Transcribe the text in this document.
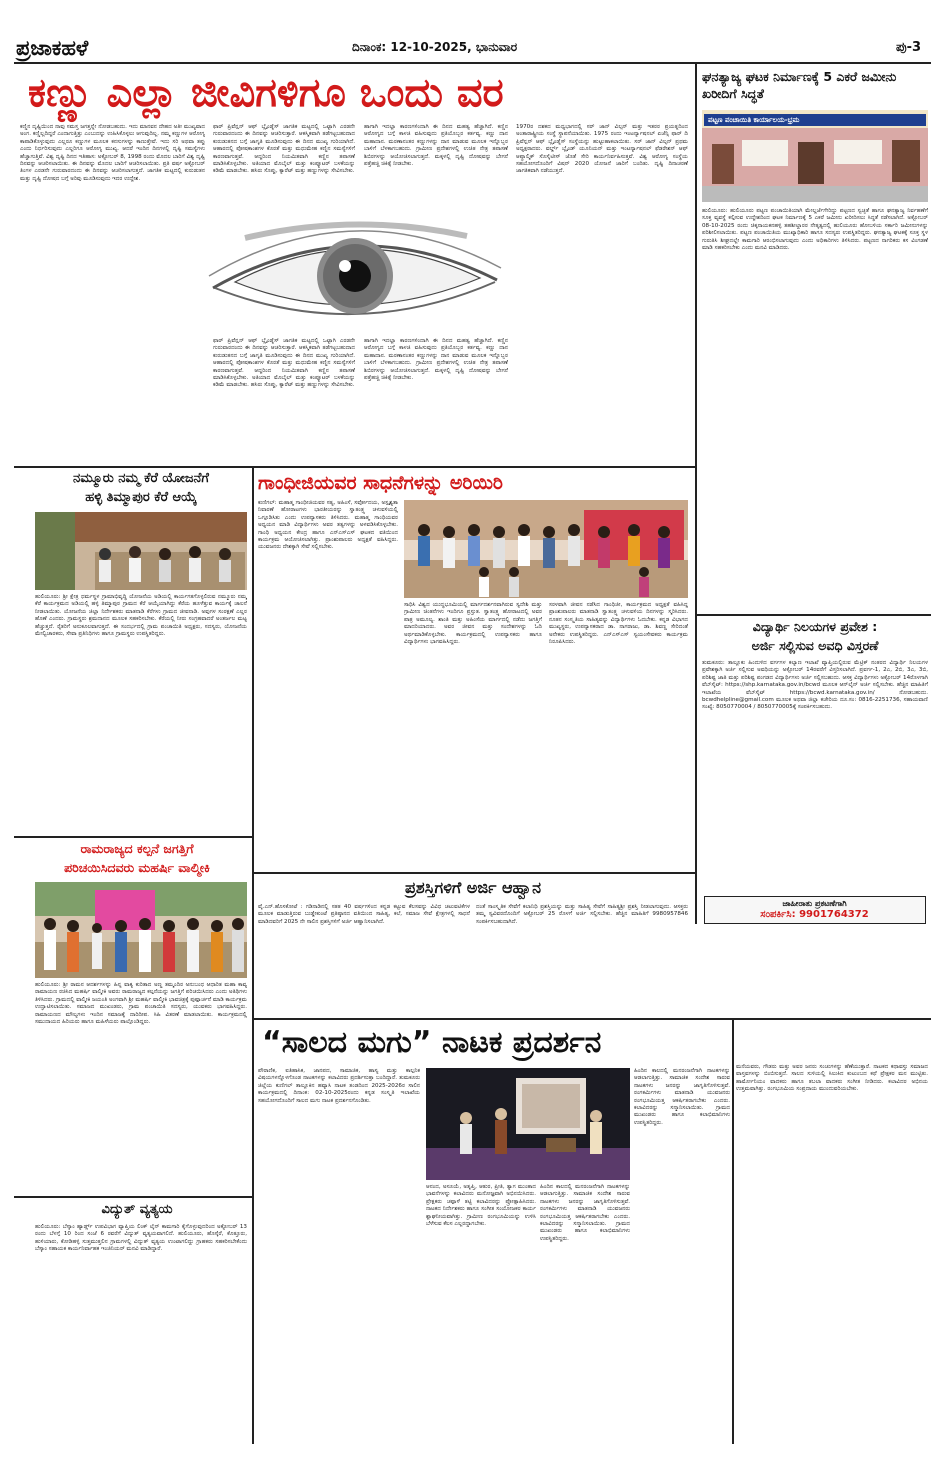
ಪ್ರಜಾಕಹಳೆ	ದಿನಾಂಕ: 12-10-2025, ಭಾನುವಾರ	ಪು-3
ಕಣ್ಣು ಎಲ್ಲಾ ಜೀವಿಗಳಿಗೂ ಒಂದು ವರ
ಕಣ್ಣಿನ ದೃಷ್ಟಿಯಿಂದ ನಾವು ಸಮಸ್ತ ಜಗತ್ತನ್ನೇ ನೋಡಬಹುದು. ಇದು ಮಾನವನ ದೇಹದ ಅತೀ ಮುಖ್ಯವಾದ ಅಂಗ. ಕಣ್ಣಿಲ್ಲದಿದ್ದರೆ ಎಂದಾಗುತ್ತಿತ್ತು ಎಂಬುದನ್ನು ಉಹಿಸಿಕೊಳ್ಳಲು ಆಗುವುದಿಲ್ಲ. ನಮ್ಮ ಕಣ್ಣುಗಳ ಆರೋಗ್ಯ ಕಾಪಾಡಿಕೊಳ್ಳುವುದು ಎಲ್ಲರೂ ಕಣ್ಣುಗಳ ಮೂಲಕ ಕನಸುಗಳನ್ನು ಕಾಣುತ್ತೇವೆ. ಇದು ಸರಿ ಅಥವಾ ತಪ್ಪು ಎಂದು ನಿರ್ಧರಿಸುವುದು ಎಲ್ಲರಿಗೂ ಆರೋಗ್ಯ ಮುಖ್ಯ. ಆದರೆ ಇಂದಿನ ದಿನಗಳಲ್ಲಿ ದೃಷ್ಟಿ ಸಮಸ್ಯೆಗಳು ಹೆಚ್ಚಾಗುತ್ತಿವೆ. ವಿಶ್ವ ದೃಷ್ಟಿ ದಿನದ ಇತಿಹಾಸ: ಅಕ್ಟೋಬರ್ 8, 1998 ರಂದು ಮೊದಲ ಬಾರಿಗೆ ವಿಶ್ವ ದೃಷ್ಟಿ ದಿನವನ್ನು ಆಚರಿಸಲಾಯಿತು. ಈ ದಿನವನ್ನು ಮೊದಲ ಬಾರಿಗೆ ಆಚರಿಸಲಾಯಿತು. ಪ್ರತಿ ವರ್ಷ ಅಕ್ಟೋಬರ್ ತಿಂಗಳ ಎರಡನೇ ಗುರುವಾರದಂದು ಈ ದಿನವನ್ನು ಆಚರಿಸಲಾಗುತ್ತದೆ. ಜಾಗತಿಕ ಮಟ್ಟದಲ್ಲಿ ಕುರುಡುತನ ಮತ್ತು ದೃಷ್ಟಿ ದೋಷದ ಬಗ್ಗೆ ಅರಿವು ಮೂಡಿಸುವುದು ಇದರ ಉದ್ದೇಶ.
ಫಾರ್ ಪ್ರಿವೆನ್ಷನ್ ಆಫ್ ಬ್ಲೈಂಡ್ನೆಸ್ ಜಾಗತಿಕ ಮಟ್ಟದಲ್ಲಿ ಒಟ್ಟಾಗಿ ಎರಡನೇ ಗುರುವಾರದಂದು ಈ ದಿನವನ್ನು ಆಚರಿಸುತ್ತಾರೆ. ಆಕಸ್ಮಿಕವಾಗಿ ತಡೆಗಟ್ಟಬಹುದಾದ ಕುರುಡುತನದ ಬಗ್ಗೆ ಜಾಗೃತಿ ಮೂಡಿಸುವುದು ಈ ದಿನದ ಮುಖ್ಯ ಗುರಿಯಾಗಿದೆ. ಆಹಾರದಲ್ಲಿ ಪೋಷಕಾಂಶಗಳ ಕೊರತೆ ಮತ್ತು ಮಧುಮೇಹ ಕಣ್ಣಿನ ಸಮಸ್ಯೆಗಳಿಗೆ ಕಾರಣವಾಗುತ್ತವೆ. ಆದ್ದರಿಂದ ನಿಯಮಿತವಾಗಿ ಕಣ್ಣಿನ ತಪಾಸಣೆ ಮಾಡಿಸಿಕೊಳ್ಳಬೇಕು. ಅತಿಯಾದ ಮೊಬೈಲ್ ಮತ್ತು ಕಂಪ್ಯೂಟರ್ ಬಳಕೆಯನ್ನು ಕಡಿಮೆ ಮಾಡಬೇಕು. ಹಸಿರು ಸೊಪ್ಪು, ಕ್ಯಾರೆಟ್ ಮತ್ತು ಹಣ್ಣುಗಳನ್ನು ಸೇವಿಸಬೇಕು.
ಹಾಗಾಗಿ ಇದಲ್ಲಾ ಕಾರಣಗಳಿಂದಾಗಿ ಈ ದಿನದ ಮಹತ್ವ ಹೆಚ್ಚಾಗಿದೆ. ಕಣ್ಣಿನ ಆರೋಗ್ಯದ ಬಗ್ಗೆ ಕಾಳಜಿ ವಹಿಸುವುದು ಪ್ರತಿಯೊಬ್ಬರ ಕರ್ತವ್ಯ. ಕಣ್ಣು ದಾನ ಮಹಾದಾನ. ಮರಣಾನಂತರ ಕಣ್ಣುಗಳನ್ನು ದಾನ ಮಾಡುವ ಮೂಲಕ ಇನ್ನೊಬ್ಬರ ಬಾಳಿಗೆ ಬೆಳಕಾಗಬಹುದು. ಗ್ರಾಮೀಣ ಪ್ರದೇಶಗಳಲ್ಲಿ ಉಚಿತ ನೇತ್ರ ತಪಾಸಣೆ ಶಿಬಿರಗಳನ್ನು ಆಯೋಜಿಸಲಾಗುತ್ತದೆ. ಮಕ್ಕಳಲ್ಲಿ ದೃಷ್ಟಿ ದೋಷವನ್ನು ಬೇಗನೆ ಪತ್ತೆಹಚ್ಚಿ ಚಿಕಿತ್ಸೆ ನೀಡಬೇಕು.
1970ರ ದಶಕದ ಮಧ್ಯಭಾಗದಲ್ಲಿ ಸರ್ ಜಾನ್ ವಿಲ್ಸನ್ ಮತ್ತು ಇತರರ ಪ್ರಯತ್ನದಿಂದ ಅಂತಾರಾಷ್ಟ್ರೀಯ ಸಂಸ್ಥೆ ಸ್ಥಾಪನೆಯಾಯಿತು. 1975 ರಂದು ಇಂಟರ್ನ್ಯಾಷನಲ್ ಏಜೆನ್ಸಿ ಫಾರ್ ದಿ ಪ್ರಿವೆನ್ಷನ್ ಆಫ್ ಬ್ಲೈಂಡ್ನೆಸ್ ಸಂಸ್ಥೆಯನ್ನು ಹುಟ್ಟುಹಾಕಲಾಯಿತು. ಸರ್ ಜಾನ್ ವಿಲ್ಸನ್ ಪ್ರಥಮ ಅಧ್ಯಕ್ಷರಾದರು. ವರ್ಲ್ಡ್ ಬ್ಲೈಂಡ್ ಯೂನಿಯನ್ ಮತ್ತು ಇಂಟರ್ನ್ಯಾಷನಲ್ ಫೆಡರೇಶನ್ ಆಫ್ ಆಪ್ಥಾಲ್ಮಿಕ್ ಸೊಸೈಟೀಸ್ ಜೊತೆ ಸೇರಿ ಕಾರ್ಯನಿರ್ವಹಿಸುತ್ತವೆ. ವಿಶ್ವ ಆರೋಗ್ಯ ಸಂಸ್ಥೆಯ ಸಹಯೋಗದೊಂದಿಗೆ ವಿಷನ್ 2020 ಯೋಜನೆ ಜಾರಿಗೆ ಬಂದಿತು. ದೃಷ್ಟಿ ದಿನಾಚರಣೆ ಜಾಗತಿಕವಾಗಿ ನಡೆಯುತ್ತದೆ.
ಫಾರ್ ಪ್ರಿವೆನ್ಷನ್ ಆಫ್ ಬ್ಲೈಂಡ್ನೆಸ್ ಜಾಗತಿಕ ಮಟ್ಟದಲ್ಲಿ ಒಟ್ಟಾಗಿ ಎರಡನೇ ಗುರುವಾರದಂದು ಈ ದಿನವನ್ನು ಆಚರಿಸುತ್ತಾರೆ. ಆಕಸ್ಮಿಕವಾಗಿ ತಡೆಗಟ್ಟಬಹುದಾದ ಕುರುಡುತನದ ಬಗ್ಗೆ ಜಾಗೃತಿ ಮೂಡಿಸುವುದು ಈ ದಿನದ ಮುಖ್ಯ ಗುರಿಯಾಗಿದೆ. ಆಹಾರದಲ್ಲಿ ಪೋಷಕಾಂಶಗಳ ಕೊರತೆ ಮತ್ತು ಮಧುಮೇಹ ಕಣ್ಣಿನ ಸಮಸ್ಯೆಗಳಿಗೆ ಕಾರಣವಾಗುತ್ತವೆ. ಆದ್ದರಿಂದ ನಿಯಮಿತವಾಗಿ ಕಣ್ಣಿನ ತಪಾಸಣೆ ಮಾಡಿಸಿಕೊಳ್ಳಬೇಕು. ಅತಿಯಾದ ಮೊಬೈಲ್ ಮತ್ತು ಕಂಪ್ಯೂಟರ್ ಬಳಕೆಯನ್ನು ಕಡಿಮೆ ಮಾಡಬೇಕು. ಹಸಿರು ಸೊಪ್ಪು, ಕ್ಯಾರೆಟ್ ಮತ್ತು ಹಣ್ಣುಗಳನ್ನು ಸೇವಿಸಬೇಕು.
ಹಾಗಾಗಿ ಇದಲ್ಲಾ ಕಾರಣಗಳಿಂದಾಗಿ ಈ ದಿನದ ಮಹತ್ವ ಹೆಚ್ಚಾಗಿದೆ. ಕಣ್ಣಿನ ಆರೋಗ್ಯದ ಬಗ್ಗೆ ಕಾಳಜಿ ವಹಿಸುವುದು ಪ್ರತಿಯೊಬ್ಬರ ಕರ್ತವ್ಯ. ಕಣ್ಣು ದಾನ ಮಹಾದಾನ. ಮರಣಾನಂತರ ಕಣ್ಣುಗಳನ್ನು ದಾನ ಮಾಡುವ ಮೂಲಕ ಇನ್ನೊಬ್ಬರ ಬಾಳಿಗೆ ಬೆಳಕಾಗಬಹುದು. ಗ್ರಾಮೀಣ ಪ್ರದೇಶಗಳಲ್ಲಿ ಉಚಿತ ನೇತ್ರ ತಪಾಸಣೆ ಶಿಬಿರಗಳನ್ನು ಆಯೋಜಿಸಲಾಗುತ್ತದೆ. ಮಕ್ಕಳಲ್ಲಿ ದೃಷ್ಟಿ ದೋಷವನ್ನು ಬೇಗನೆ ಪತ್ತೆಹಚ್ಚಿ ಚಿಕಿತ್ಸೆ ನೀಡಬೇಕು.
ಘನತ್ಯಾಜ್ಯ ಘಟಕ ನಿರ್ಮಾಣಕ್ಕೆ 5 ಎಕರೆ ಜಮೀನು ಖರೀದಿಗೆ ಸಿದ್ಧತೆ
ಪಟ್ಟಣ ಪಂಚಾಯಿತಿ ಕಾರ್ಯಾಲಯ-ಭ್ರಮ
ಹುಲಿಯೂರು: ಹುಲಿಯೂರು ಪಟ್ಟಣ ಪಂಚಾಯಿತಿಯಾಗಿ ಮೇಲ್ದರ್ಜೆಗೇರಿದ್ದು ಪಟ್ಟಣದ ಸ್ವಚ್ಛತೆ ಹಾಗೂ ಘನತ್ಯಾಜ್ಯ ನಿರ್ವಹಣೆಗೆ ಸೂಕ್ತ ವ್ಯವಸ್ಥೆ ಕಲ್ಪಿಸುವ ಉದ್ದೇಶದಿಂದ ಘಟಕ ನಿರ್ಮಾಣಕ್ಕೆ 5 ಎಕರೆ ಜಮೀನು ಖರೀದಿಸಲು ಸಿದ್ಧತೆ ನಡೆಸಲಾಗಿದೆ. ಅಕ್ಟೋಬರ್ 08-10-2025 ರಂದು ಚಿಕ್ಕನಾಯಕನಹಳ್ಳಿ ತಹಶೀಲ್ದಾರರ ನೇತೃತ್ವದಲ್ಲಿ ಹುಲಿಯೂರು ಹೋಬಳಿಯ ಸರ್ಕಾರಿ ಜಮೀನುಗಳನ್ನು ಪರಿಶೀಲಿಸಲಾಯಿತು. ಪಟ್ಟಣ ಪಂಚಾಯಿತಿಯ ಮುಖ್ಯಾಧಿಕಾರಿ ಹಾಗೂ ಸದಸ್ಯರು ಉಪಸ್ಥಿತರಿದ್ದರು. ಘನತ್ಯಾಜ್ಯ ಘಟಕಕ್ಕೆ ಸೂಕ್ತ ಸ್ಥಳ ಗುರುತಿಸಿ ಶೀಘ್ರದಲ್ಲೇ ಕಾಮಗಾರಿ ಆರಂಭಿಸಲಾಗುವುದು ಎಂದು ಅಧಿಕಾರಿಗಳು ತಿಳಿಸಿದರು. ಪಟ್ಟಣದ ನಾಗರಿಕರು ಕಸ ವಿಂಗಡಣೆ ಮಾಡಿ ಸಹಕರಿಸಬೇಕು ಎಂದು ಮನವಿ ಮಾಡಿದರು.
ನಮ್ಮೂರು ನಮ್ಮ ಕೆರೆ ಯೋಜನೆಗೆ
ಹಳ್ಳಿ ತಿಮ್ಮಾಪುರ ಕೆರೆ ಆಯ್ಕೆ
ಹುಲಿಯೂರು: ಶ್ರೀ ಕ್ಷೇತ್ರ ಧರ್ಮಸ್ಥಳ ಗ್ರಾಮಾಭಿವೃದ್ಧಿ ಯೋಜನೆಯ ಅಡಿಯಲ್ಲಿ ಕಾರ್ಯಗತಗೊಳ್ಳಲಿರುವ ನಮ್ಮೂರು ನಮ್ಮ ಕೆರೆ ಕಾರ್ಯಕ್ರಮದ ಅಡಿಯಲ್ಲಿ ಹಳ್ಳಿ ತಿಮ್ಮಾಪುರ ಗ್ರಾಮದ ಕೆರೆ ಆಯ್ಕೆಯಾಗಿದ್ದು ಕೆರೆಯ ಹೂಳೆತ್ತುವ ಕಾರ್ಯಕ್ಕೆ ಚಾಲನೆ ನೀಡಲಾಯಿತು. ಯೋಜನೆಯ ಜಿಲ್ಲಾ ನಿರ್ದೇಶಕರು ಮಾತನಾಡಿ ಕೆರೆಗಳು ಗ್ರಾಮದ ಜೀವನಾಡಿ. ಅವುಗಳ ಸಂರಕ್ಷಣೆ ಎಲ್ಲರ ಹೊಣೆ ಎಂದರು. ಗ್ರಾಮಸ್ಥರು ಶ್ರಮದಾನದ ಮೂಲಕ ಸಹಕರಿಸಬೇಕು. ಕೆರೆಯಲ್ಲಿ ನೀರು ಸಂಗ್ರಹವಾದರೆ ಅಂತರ್ಜಲ ಮಟ್ಟ ಹೆಚ್ಚುತ್ತದೆ. ರೈತರಿಗೆ ಅನುಕೂಲವಾಗುತ್ತದೆ. ಈ ಸಂದರ್ಭದಲ್ಲಿ ಗ್ರಾಮ ಪಂಚಾಯಿತಿ ಅಧ್ಯಕ್ಷರು, ಸದಸ್ಯರು, ಯೋಜನೆಯ ಮೇಲ್ವಿಚಾರಕರು, ಸೇವಾ ಪ್ರತಿನಿಧಿಗಳು ಹಾಗೂ ಗ್ರಾಮಸ್ಥರು ಉಪಸ್ಥಿತರಿದ್ದರು.
ಗಾಂಧೀಜಿಯವರ ಸಾಧನೆಗಳನ್ನು ಅರಿಯಿರಿ
ಕುಣಿಗಲ್: ಮಹಾತ್ಮ ಗಾಂಧೀಜಿಯವರ ಸತ್ಯ, ಅಹಿಂಸೆ, ಸರ್ವೋದಯ, ಅಸ್ಪೃಶ್ಯತಾ ನಿವಾರಣೆ ಹೋರಾಟಗಳು ಭಾರತೀಯರನ್ನು ಸ್ವಾತಂತ್ರ್ಯ ಚಳುವಳಿಯಲ್ಲಿ ಒಗ್ಗೂಡಿಸಿತು ಎಂದು ಉಪನ್ಯಾಸಕರು ತಿಳಿಸಿದರು. ಮಹಾತ್ಮ ಗಾಂಧಿಯವರ ಅಧ್ಯಯನ ಮಾಡಿ ವಿದ್ಯಾರ್ಥಿಗಳು ಅವರ ತತ್ವಗಳನ್ನು ಅಳವಡಿಸಿಕೊಳ್ಳಬೇಕು. ಗಾಂಧಿ ಅಧ್ಯಯನ ಕೇಂದ್ರ ಹಾಗೂ ಎನ್ಎಸ್ಎಸ್ ಘಟಕದ ವತಿಯಿಂದ ಕಾರ್ಯಕ್ರಮ ಆಯೋಜಿಸಲಾಗಿತ್ತು. ಪ್ರಾಂಶುಪಾಲರು ಅಧ್ಯಕ್ಷತೆ ವಹಿಸಿದ್ದರು. ಯುವಜನರು ದೇಶಕ್ಕಾಗಿ ಸೇವೆ ಸಲ್ಲಿಸಬೇಕು.
ಸಾಧಿಸಿ ವಿಶ್ವದ ಯುದ್ಧಭೂಮಿಯಲ್ಲಿ ಮಾರ್ಗದರ್ಶನವಾಗಿರುವ ಸ್ವದೇಶಿ ಮತ್ತು ಗ್ರಾಮೀಣ ಚಿಂತನೆಗಳು ಇಂದಿಗೂ ಪ್ರಸ್ತುತ. ಸ್ವಾತಂತ್ರ್ಯ ಹೋರಾಟದಲ್ಲಿ ಅವರ ಪಾತ್ರ ಅಮೂಲ್ಯ. ಶಾಂತಿ ಮತ್ತು ಅಹಿಂಸೆಯ ಮಾರ್ಗದಲ್ಲಿ ನಡೆದು ಜಗತ್ತಿಗೆ ಮಾದರಿಯಾದರು. ಅವರ ಜೀವನ ಮತ್ತು ಸಂದೇಶಗಳನ್ನು ಓದಿ ಅರ್ಥಮಾಡಿಕೊಳ್ಳಬೇಕು. ಕಾರ್ಯಕ್ರಮದಲ್ಲಿ ಉಪನ್ಯಾಸಕರು ಹಾಗೂ ವಿದ್ಯಾರ್ಥಿಗಳು ಭಾಗವಹಿಸಿದ್ದರು.
ಸರಳವಾಗಿ ಜೀವನ ನಡೆಸಿದ ಗಾಂಧಿಜೀ, ಕಾರ್ಯಕ್ರಮದ ಅಧ್ಯಕ್ಷತೆ ವಹಿಸಿದ್ದ ಪ್ರಾಂಶುಪಾಲರು ಮಾತನಾಡಿ ಸ್ವಾತಂತ್ರ್ಯ ಚಳುವಳಿಯ ದಿನಗಳನ್ನು ಸ್ಮರಿಸಿದರು. ನೂತನ ಸಂಸ್ಕೃತಿಯ ಸಾಹಿತ್ಯವನ್ನು ವಿದ್ಯಾರ್ಥಿಗಳು ಓದಬೇಕು. ಕನ್ನಡ ವಿಭಾಗದ ಮುಖ್ಯಸ್ಥರು, ಉಪನ್ಯಾಸಕರಾದ ಡಾ. ನಾಗರಾಜು, ಡಾ. ಶಿವಣ್ಣ ಸೇರಿದಂತೆ ಅನೇಕರು ಉಪಸ್ಥಿತರಿದ್ದರು. ಎನ್ಎಸ್ಎಸ್ ಸ್ವಯಂಸೇವಕರು ಕಾರ್ಯಕ್ರಮ ನಿರೂಪಿಸಿದರು.
ವಿದ್ಯಾರ್ಥಿ ನಿಲಯಗಳ ಪ್ರವೇಶ :
ಅರ್ಜಿ ಸಲ್ಲಿಸುವ ಅವಧಿ ವಿಸ್ತರಣೆ
ತುಮಕೂರು: ತಾಲ್ಲೂಕು ಹಿಂದುಳಿದ ವರ್ಗಗಳ ಕಲ್ಯಾಣ ಇಲಾಖೆ ವ್ಯಾಪ್ತಿಯಲ್ಲಿರುವ ಮೆಟ್ರಿಕ್ ನಂತರದ ವಿದ್ಯಾರ್ಥಿ ನಿಲಯಗಳ ಪ್ರವೇಶಕ್ಕಾಗಿ ಅರ್ಜಿ ಸಲ್ಲಿಸುವ ಅವಧಿಯನ್ನು ಅಕ್ಟೋಬರ್ 14ರವರೆಗೆ ವಿಸ್ತರಿಸಲಾಗಿದೆ. ಪ್ರವರ್ಗ-1, 2ಎ, 2ಬಿ, 3ಎ, 3ಬಿ, ಪರಿಶಿಷ್ಟ ಜಾತಿ ಮತ್ತು ಪರಿಶಿಷ್ಟ ಪಂಗಡದ ವಿದ್ಯಾರ್ಥಿಗಳು ಅರ್ಜಿ ಸಲ್ಲಿಸಬಹುದು. ಆಸಕ್ತ ವಿದ್ಯಾರ್ಥಿಗಳು ಅಕ್ಟೋಬರ್ 14ರೊಳಗಾಗಿ ವೆಬ್‌ಸೈಟ್: https://shp.karnataka.gov.in/bcwd ಮೂಲಕ ಆನ್‌ಲೈನ್ ಅರ್ಜಿ ಸಲ್ಲಿಸಬೇಕು. ಹೆಚ್ಚಿನ ಮಾಹಿತಿಗೆ ಇಲಾಖೆಯ ವೆಬ್‌ಸೈಟ್ https://bcwd.karnataka.gov.in/ ನೋಡಬಹುದು. bcwdhelpline@gmail.com ಮೂಲಕ ಅಥವಾ ಜಿಲ್ಲಾ ಕಚೇರಿಯ ದೂ.ಸಂ: 0816-2251736, ಸಹಾಯವಾಣಿ ಸಂಖ್ಯೆ: 8050770004 / 8050770005ಕ್ಕೆ ಸಂಪರ್ಕಿಸಬಹುದು.
ಜಾಹೀರಾತು ಪ್ರಕಟಣೆಗಾಗಿ
ಸಂಪರ್ಕಿಸಿ: 9901764372
ರಾಮರಾಜ್ಯದ ಕಲ್ಪನೆ ಜಗತ್ತಿಗೆ
ಪರಿಚಯಿಸಿದವರು ಮಹರ್ಷಿ ವಾಲ್ಮೀಕಿ
ಹುಲಿಯೂರು: ಶ್ರೀ ರಾಮನ ಆದರ್ಶಗಳನ್ನು ಹಿನ್ನ ವಾಕ್ಯ ಕುರಿತಾದ ಅಣ್ಣ ತಮ್ಮಂದಿರ ಅನುಬಂಧ ಆಧಾರಿತ ಮಹಾ ಕಾವ್ಯ ರಾಮಾಯಣ ರಚಿಸಿದ ಮಹರ್ಷಿ ವಾಲ್ಮೀಕಿ ಅವರು ರಾಮರಾಜ್ಯದ ಕಲ್ಪನೆಯನ್ನು ಜಗತ್ತಿಗೆ ಪರಿಚಯಿಸಿದರು ಎಂದು ಅತಿಥಿಗಳು ತಿಳಿಸಿದರು. ಗ್ರಾಮದಲ್ಲಿ ವಾಲ್ಮೀಕಿ ಜಯಂತಿ ಅಂಗವಾಗಿ ಶ್ರೀ ಮಹರ್ಷಿ ವಾಲ್ಮೀಕಿ ಭಾವಚಿತ್ರಕ್ಕೆ ಪುಷ್ಪಾರ್ಚನೆ ಮಾಡಿ ಕಾರ್ಯಕ್ರಮ ಉದ್ಘಾಟಿಸಲಾಯಿತು. ಸಮಾಜದ ಮುಖಂಡರು, ಗ್ರಾಮ ಪಂಚಾಯಿತಿ ಸದಸ್ಯರು, ಯುವಕರು ಭಾಗವಹಿಸಿದ್ದರು. ರಾಮಾಯಣದ ಮೌಲ್ಯಗಳು ಇಂದಿನ ಸಮಾಜಕ್ಕೆ ದಾರಿದೀಪ. ಸಿಹಿ ವಿತರಣೆ ಮಾಡಲಾಯಿತು. ಕಾರ್ಯಕ್ರಮದಲ್ಲಿ ಸಮುದಾಯದ ಹಿರಿಯರು ಹಾಗೂ ಮಹಿಳೆಯರು ಪಾಲ್ಗೊಂಡಿದ್ದರು.
ವಿದ್ಯುತ್ ವ್ಯತ್ಯಯ
ಹುಲಿಯೂರು: ಬೆಸ್ಕಾಂ ಹ್ಯಾರ್ಡ್ಲ್ ಉಪವಿಭಾಗ ವ್ಯಾಪ್ತಿಯ ಲಿಂಕ್ ಲೈನ್ ಕಾಮಗಾರಿ ಕೈಗೊಳ್ಳುವುದರಿಂದ ಅಕ್ಟೋಬರ್ 13 ರಂದು ಬೆಳಗ್ಗೆ 10 ರಿಂದ ಸಂಜೆ 6 ರವರೆಗೆ ವಿದ್ಯುತ್ ವ್ಯತ್ಯಯವಾಗಲಿದೆ. ಹುಲಿಯೂರು, ಹೊಸ್ಕೆರೆ, ಕೊತ್ತೂರು, ಹುಳಿಯಾರು, ಕೋಡಿಹಳ್ಳಿ ಸುತ್ತಮುತ್ತಲಿನ ಗ್ರಾಮಗಳಲ್ಲಿ ವಿದ್ಯುತ್ ವ್ಯತ್ಯಯ ಉಂಟಾಗಲಿದ್ದು ಗ್ರಾಹಕರು ಸಹಕರಿಸಬೇಕೆಂದು ಬೆಸ್ಕಾಂ ಸಹಾಯಕ ಕಾರ್ಯನಿರ್ವಾಹಕ ಇಂಜಿನಿಯರ್ ಮನವಿ ಮಾಡಿದ್ದಾರೆ.
ಪ್ರಶಸ್ತಿಗಳಿಗೆ ಅರ್ಜಿ ಆಹ್ವಾನ
ವೈ.ಎನ್.ಹೊಸಕೋಟೆ : ಗಡಿನಾಡಿನಲ್ಲಿ ಸತತ 40 ವರ್ಷಗಳಿಂದ ಕನ್ನಡ ಕಟ್ಟುವ ಕೆಲಸವನ್ನು ವಿವಿಧ ಚಟುವಟಿಕೆಗಳ ಮೂಲಕ ಮಾಡುತ್ತಿರುವ ಬುಡ್ಡೇಕುಂಟೆ ಪ್ರತಿಷ್ಠಾನದ ವತಿಯಿಂದ ಸಾಹಿತ್ಯ, ಕಲೆ, ಸಮಾಜ ಸೇವೆ ಕ್ಷೇತ್ರಗಳಲ್ಲಿ ಸಾಧನೆ ಮಾಡಿದವರಿಗೆ 2025 ನೇ ಸಾಲಿನ ಪ್ರಶಸ್ತಿಗಳಿಗೆ ಅರ್ಜಿ ಆಹ್ವಾನಿಸಲಾಗಿದೆ.
ದಂತೆ ಸಾಂಸ್ಕೃತಿಕ ಸೇವೆಗೆ ಕಲಾನಿಧಿ ಪ್ರಶಸ್ತಿಯನ್ನು ಮತ್ತು ಸಾಹಿತ್ಯ ಸೇವೆಗೆ ಸಾಹಿತ್ಯಶ್ರೀ ಪ್ರಶಸ್ತಿ ನೀಡಲಾಗುವುದು. ಆಸಕ್ತರು ತಮ್ಮ ಸ್ವವಿವರದೊಂದಿಗೆ ಅಕ್ಟೋಬರ್ 25 ರೊಳಗೆ ಅರ್ಜಿ ಸಲ್ಲಿಸಬೇಕು. ಹೆಚ್ಚಿನ ಮಾಹಿತಿಗೆ 9980957846 ಸಂಪರ್ಕಿಸಬಹುದಾಗಿದೆ.
“ಸಾಲದ ಮಗು” ನಾಟಕ ಪ್ರದರ್ಶನ
ಪೌರಾಣಿಕ, ಐತಿಹಾಸಿಕ, ಜಾನಪದ, ಸಾಮಾಜಿಕ, ಹಾಸ್ಯ ಮತ್ತು ಕಾಲ್ಪನಿಕ ವಿಷಯಗಳನ್ನೊಳಗೊಂಡ ನಾಟಕಗಳನ್ನು ಕಲಾವಿದರು ಪ್ರದರ್ಶಿಸುತ್ತಾ ಬಂದಿದ್ದಾರೆ. ತುಮಕೂರು ಜಿಲ್ಲೆಯ ಕುಣಿಗಲ್ ತಾಲ್ಲೂಕಿನ ಹವ್ಯಾಸಿ ನಾಟಕ ತಂಡದಿಂದ 2025-2026ರ ಸಾಲಿನ ಕಾರ್ಯಕ್ರಮದಲ್ಲಿ ದಿನಾಂಕ: 02-10-2025ರಂದು ಕನ್ನಡ ಸಂಸ್ಕೃತಿ ಇಲಾಖೆಯ ಸಹಯೋಗದೊಂದಿಗೆ ಸಾಲದ ಮಗು ನಾಟಕ ಪ್ರದರ್ಶನಗೊಂಡಿತು.
ಆನಂದ, ಅಸೂಯೆ, ಅತೃಪ್ತಿ, ಆತುರ, ಪ್ರೀತಿ, ತ್ಯಾಗ ಮುಂತಾದ ಭಾವನೆಗಳನ್ನು ಕಲಾವಿದರು ಮನೋಜ್ಞವಾಗಿ ಅಭಿನಯಿಸಿದರು. ಪ್ರೇಕ್ಷಕರು ಚಪ್ಪಾಳೆ ತಟ್ಟಿ ಕಲಾವಿದರನ್ನು ಪ್ರೋತ್ಸಾಹಿಸಿದರು. ನಾಟಕದ ನಿರ್ದೇಶಕರು ಹಾಗೂ ಸಂಗೀತ ಸಂಯೋಜಕರ ಕಾರ್ಯ ಶ್ಲಾಘನೀಯವಾಗಿತ್ತು. ಗ್ರಾಮೀಣ ರಂಗಭೂಮಿಯನ್ನು ಉಳಿಸಿ ಬೆಳೆಸುವ ಕೆಲಸ ಎಲ್ಲರದ್ದಾಗಬೇಕು.
ಹಿಂದಿನ ಕಾಲದಲ್ಲಿ ಮನರಂಜನೆಗಾಗಿ ನಾಟಕಗಳನ್ನು ಆಡಲಾಗುತ್ತಿತ್ತು. ಸಾಮಾಜಿಕ ಸಂದೇಶ ಸಾರುವ ನಾಟಕಗಳು ಜನರನ್ನು ಜಾಗೃತಿಗೊಳಿಸುತ್ತವೆ. ರಂಗಕರ್ಮಿಗಳು ಮಾತನಾಡಿ ಯುವಜನರು ರಂಗಭೂಮಿಯತ್ತ ಆಕರ್ಷಿತರಾಗಬೇಕು ಎಂದರು. ಕಲಾವಿದರನ್ನು ಸನ್ಮಾನಿಸಲಾಯಿತು. ಗ್ರಾಮದ ಮುಖಂಡರು ಹಾಗೂ ಕಲಾಭಿಮಾನಿಗಳು ಉಪಸ್ಥಿತರಿದ್ದರು.
ಹಿಂದಿನ ಕಾಲದಲ್ಲಿ ಮನರಂಜನೆಗಾಗಿ ನಾಟಕಗಳನ್ನು ಆಡಲಾಗುತ್ತಿತ್ತು. ಸಾಮಾಜಿಕ ಸಂದೇಶ ಸಾರುವ ನಾಟಕಗಳು ಜನರನ್ನು ಜಾಗೃತಿಗೊಳಿಸುತ್ತವೆ. ರಂಗಕರ್ಮಿಗಳು ಮಾತನಾಡಿ ಯುವಜನರು ರಂಗಭೂಮಿಯತ್ತ ಆಕರ್ಷಿತರಾಗಬೇಕು ಎಂದರು. ಕಲಾವಿದರನ್ನು ಸನ್ಮಾನಿಸಲಾಯಿತು. ಗ್ರಾಮದ ಮುಖಂಡರು ಹಾಗೂ ಕಲಾಭಿಮಾನಿಗಳು ಉಪಸ್ಥಿತರಿದ್ದರು.
ಮನೆಯವರು, ಗೌಡರು ಮತ್ತು ಅವರ ಜನರು ಸಂಚುಗಳನ್ನು ಹೆಣೆಯುತ್ತಾರೆ. ನಾಟಕದ ಕಥಾವಸ್ತು ಸಮಾಜದ ವಾಸ್ತವಗಳನ್ನು ಬಿಂಬಿಸುತ್ತದೆ. ಸಾಲದ ಸುಳಿಯಲ್ಲಿ ಸಿಲುಕಿದ ಕುಟುಂಬದ ಕಥೆ ಪ್ರೇಕ್ಷಕರ ಮನ ಮುಟ್ಟಿತು. ಹಾರ್ಮೋನಿಯಂ ವಾದಕರು ಹಾಗೂ ತಬಲಾ ವಾದಕರು ಸಂಗೀತ ನೀಡಿದರು. ಕಲಾವಿದರ ಅಭಿನಯ ಉತ್ತಮವಾಗಿತ್ತು. ರಂಗಭೂಮಿಯ ಸಂಪ್ರದಾಯ ಮುಂದುವರಿಯಬೇಕು.
